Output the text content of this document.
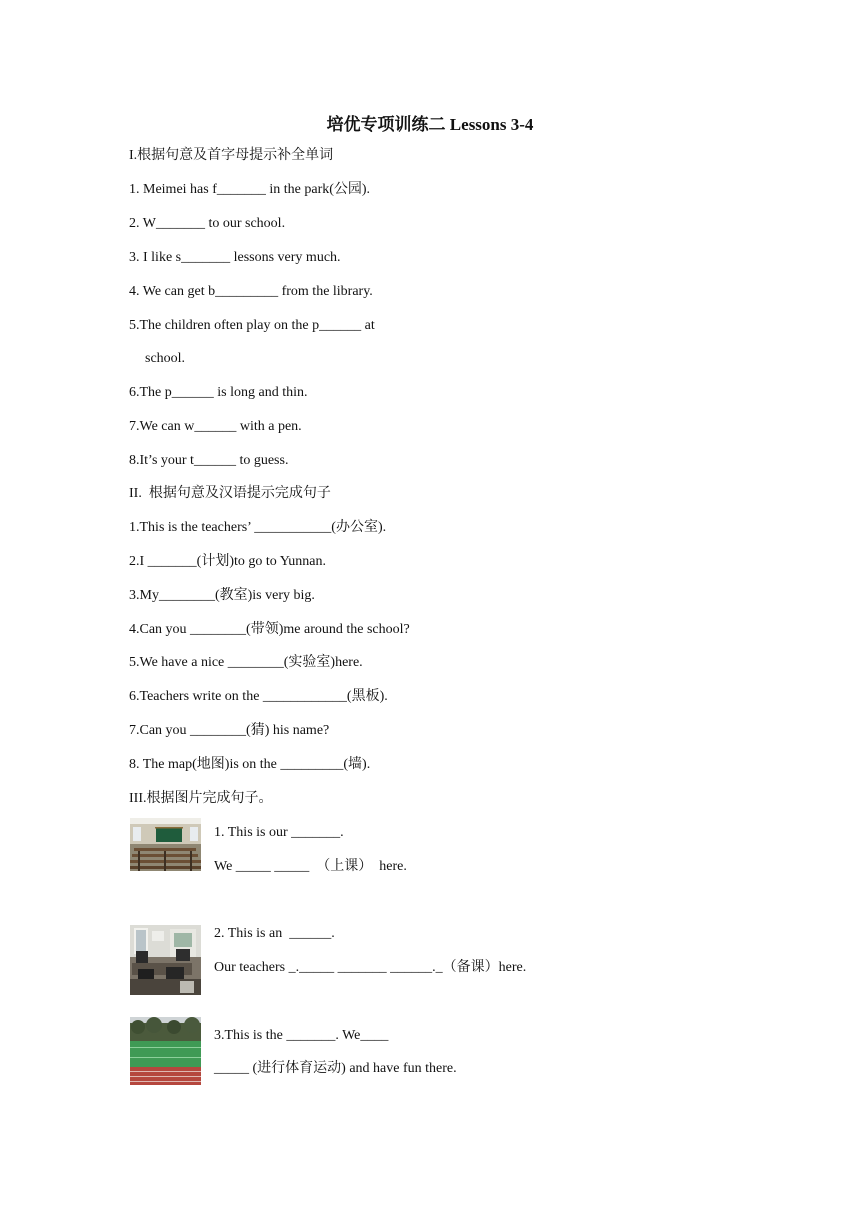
培优专项训练二 Lessons 3-4
I.根据句意及首字母提示补全单词
1. Meimei has f_______ in the park(公园).
2. W_______ to our school.
3. I like s_______ lessons very much.
4. We can get b_________ from the library.
5.The children often play on the p______ at
school.
6.The p______ is long and thin.
7.We can w______ with a pen.
8.It’s your t______ to guess.
II.  根据句意及汉语提示完成句子
1.This is the teachers’ ___________(办公室).
2.I _______(计划)to go to Yunnan.
3.My________(教室)is very big.
4.Can you ________(带领)me around the school?
5.We have a nice ________(实验室)here.
6.Teachers write on the ____________(黑板).
7.Can you ________(猜) his name?
8. The map(地图)is on the _________(墙).
III.根据图片完成句子。
1. This is our _______.
We _____ _____  （上课）  here.
2. This is an  ______.
Our teachers _._____ _______ ______._（备课）here.
3.This is the _______. We____
_____ (进行体育运动) and have fun there.
